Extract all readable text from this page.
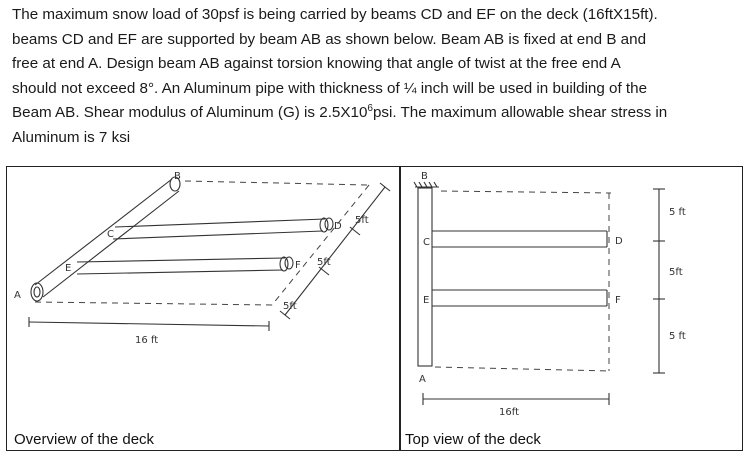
The maximum snow load of 30psf is being carried by beams CD and EF on the deck (16ftX15ft).
beams CD and EF are supported by beam AB as shown below. Beam AB is fixed at end B and
free at end A. Design beam AB against torsion knowing that angle of twist at the free end A
should not exceed 8°. An Aluminum pipe with thickness of ¼ inch will be used in building of the
Beam AB. Shear modulus of Aluminum (G) is $2.5X10^6psi$. The maximum allowable shear stress in
Aluminum is 7 ksi
A
B
C
D
E	F
16 ft
5ft
5ft
5ft
Overview of the deck
B
C	D
E	F
A
16ft
5 ft
5ft
5 ft
Top view of the deck
